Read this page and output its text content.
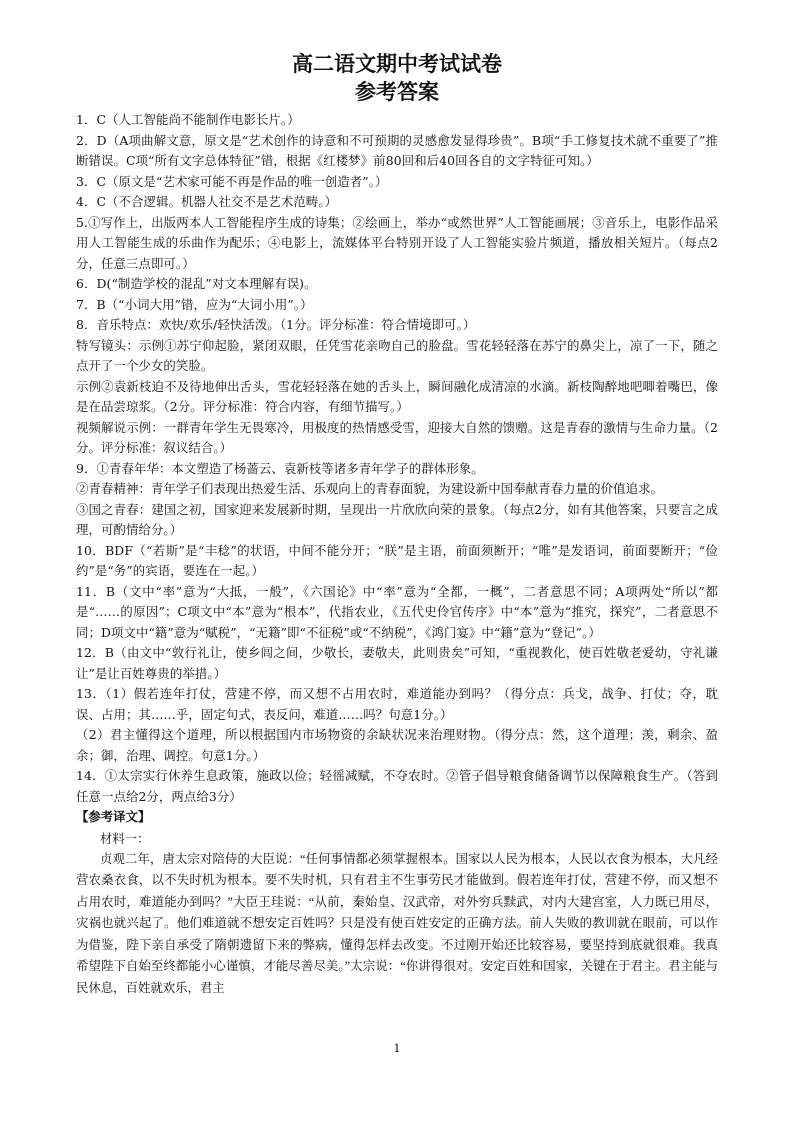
高二语文期中考试试卷
参考答案

1．C（人工智能尚不能制作电影长片。）

2．D（A项曲解文意，原文是“艺术创作的诗意和不可预期的灵感愈发显得珍贵”。B项“手工修复技术就不重要了”推断错误。C项“所有文字总体特征”错，根据《红楼梦》前80回和后40回各自的文字特征可知。）

3．C（原文是“艺术家可能不再是作品的唯一创造者”。）

4．C（不合逻辑。机器人社交不是艺术范畴。）

5.①写作上，出版两本人工智能程序生成的诗集；②绘画上，举办“或然世界”人工智能画展；③音乐上，电影作品采用人工智能生成的乐曲作为配乐；④电影上，流媒体平台特别开设了人工智能实验片频道，播放相关短片。（每点2分，任意三点即可。）

6．D(“制造学校的混乱”对文本理解有误)。

7．B（“小词大用”错，应为“大词小用”。）

8．音乐特点：欢快/欢乐/轻快活泼。（1分。评分标准：符合情境即可。）

特写镜头：示例①苏宁仰起脸，紧闭双眼，任凭雪花亲吻自己的脸盘。雪花轻轻落在苏宁的鼻尖上，凉了一下，随之点开了一个少女的笑脸。

示例②袁新枝迫不及待地伸出舌头，雪花轻轻落在她的舌头上，瞬间融化成清凉的水滴。新枝陶醉地吧唧着嘴巴，像是在品尝琼浆。（2分。评分标准：符合内容，有细节描写。）

视频解说示例：一群青年学生无畏寒冷，用极度的热情感受雪，迎接大自然的馈赠。这是青春的激情与生命力量。（2分。评分标准：叙议结合。）

9．①青春年华：本文塑造了杨蔷云、袁新枝等诸多青年学子的群体形象。

②青春精神：青年学子们表现出热爱生活、乐观向上的青春面貌，为建设新中国奉献青春力量的价值追求。

③国之青春：建国之初，国家迎来发展新时期，呈现出一片欣欣向荣的景象。（每点2分，如有其他答案，只要言之成理，可酌情给分。）

10．BDF（“若斯”是“丰稔”的状语，中间不能分开；“朕”是主语，前面须断开；“唯”是发语词，前面要断开；“俭约”是“务”的宾语，要连在一起。）

11．B（文中“率”意为“大抵，一般”，《六国论》中“率”意为“全都，一概”，二者意思不同；A项两处“所以”都是“……的原因”；C项文中“本”意为“根本”，代指农业，《五代史伶官传序》中“本”意为“推究，探究”，二者意思不同；D项文中“籍”意为“赋税”，“无籍”即“不征税”或“不纳税”，《鸿门宴》中“籍”意为“登记”。）

12．B（由文中“敦行礼让，使乡闾之间，少敬长，妻敬夫，此则贵矣”可知，“重视教化，使百姓敬老爱幼，守礼谦让”是让百姓尊贵的举措。）

13．（1）假若连年打仗，营建不停，而又想不占用农时，难道能办到吗？（得分点：兵戈，战争、打仗；夺，耽误、占用；其……乎，固定句式，表反问，难道……吗？句意1分。）

（2）君主懂得这个道理，所以根据国内市场物资的余缺状况来治理财物。（得分点：然，这个道理；羡，剩余、盈余；御，治理、调控。句意1分。）

14．①太宗实行休养生息政策，施政以俭；轻徭减赋，不夺农时。②管子倡导粮食储备调节以保障粮食生产。（答到任意一点给2分，两点给3分）

【参考译文】

材料一：

贞观二年，唐太宗对陪侍的大臣说：“任何事情都必须掌握根本。国家以人民为根本，人民以衣食为根本，大凡经营农桑衣食，以不失时机为根本。要不失时机，只有君主不生事劳民才能做到。假若连年打仗，营建不停，而又想不占用农时，难道能办到吗？”大臣王珪说：“从前，秦始皇、汉武帝，对外穷兵黩武，对内大建宫室，人力既已用尽，灾祸也就兴起了。他们难道就不想安定百姓吗？只是没有使百姓安定的正确方法。前人失败的教训就在眼前，可以作为借鉴，陛下亲自承受了隋朝遗留下来的弊病，懂得怎样去改变。不过刚开始还比较容易，要坚持到底就很难。我真希望陛下自始至终都能小心谨慎，才能尽善尽美。”太宗说：“你讲得很对。安定百姓和国家，关键在于君主。君主能与民休息，百姓就欢乐，君主

1
